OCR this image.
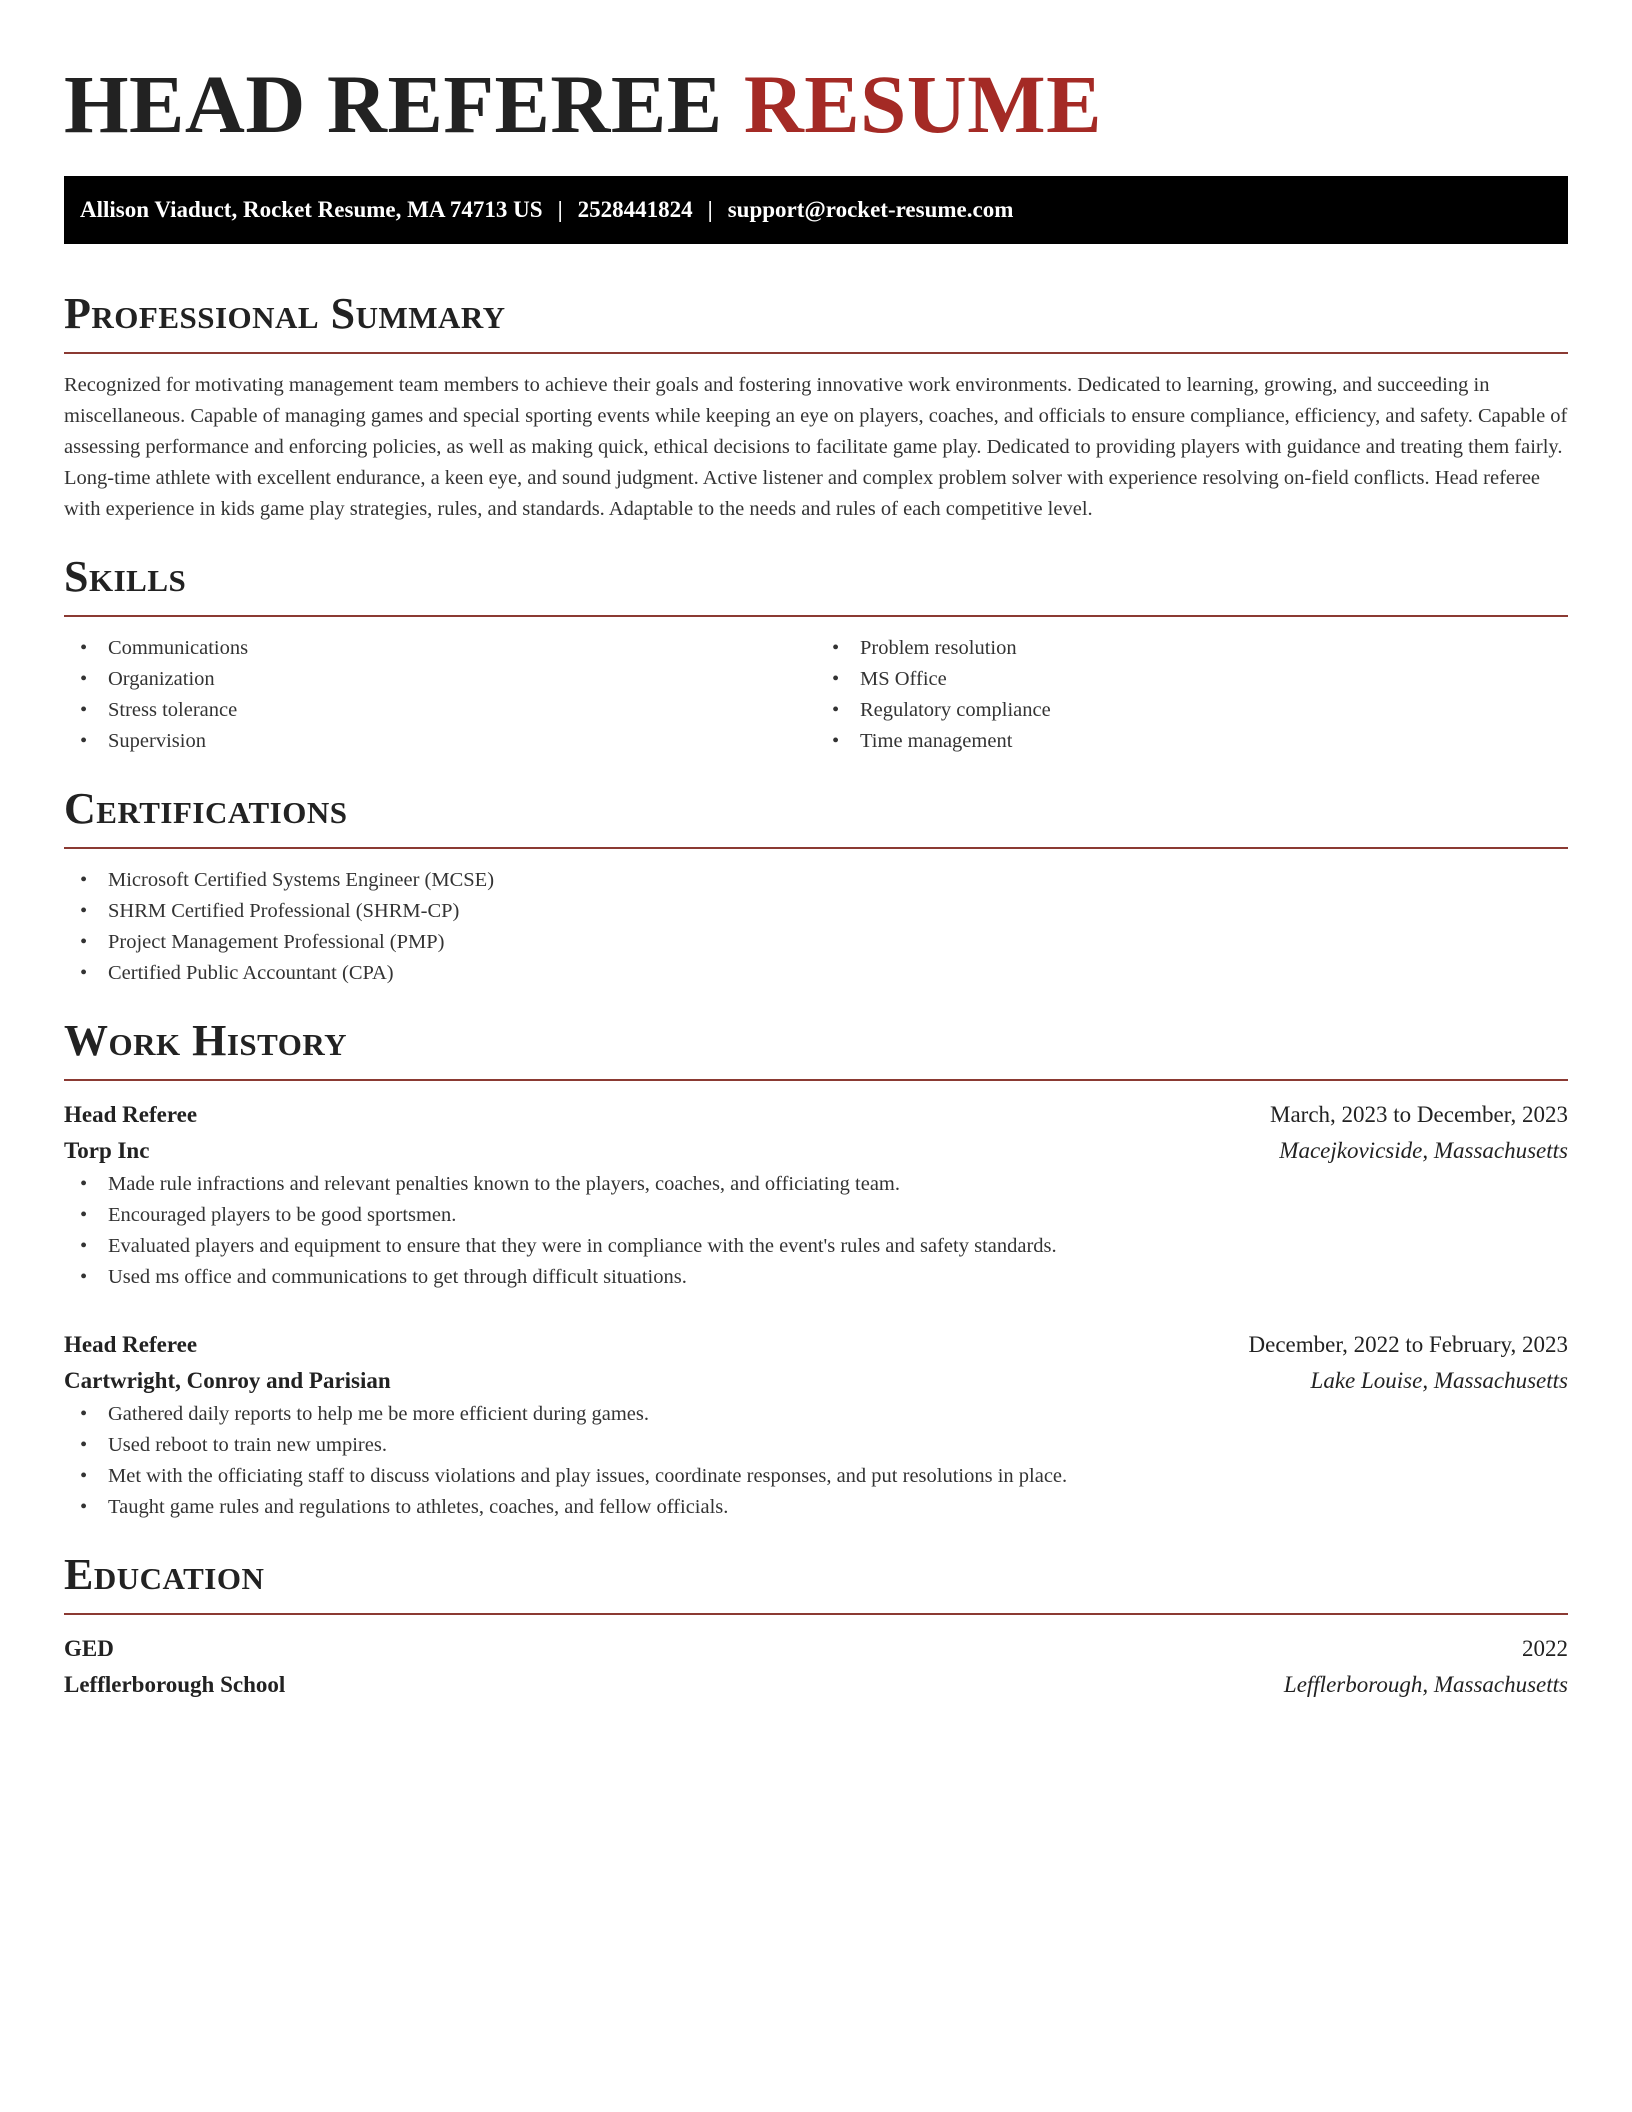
HEAD REFEREE RESUME
Allison Viaduct, Rocket Resume, MA 74713 US | 2528441824 | support@rocket-resume.com
Professional Summary

Recognized for motivating management team members to achieve their goals and fostering innovative work environments. Dedicated to learning, growing, and succeeding in miscellaneous. Capable of managing games and special sporting events while keeping an eye on players, coaches, and officials to ensure compliance, efficiency, and safety. Capable of assessing performance and enforcing policies, as well as making quick, ethical decisions to facilitate game play. Dedicated to providing players with guidance and treating them fairly. Long-time athlete with excellent endurance, a keen eye, and sound judgment. Active listener and complex problem solver with experience resolving on-field conflicts. Head referee with experience in kids game play strategies, rules, and standards. Adaptable to the needs and rules of each competitive level.

Skills
• Communications
• Organization
• Stress tolerance
• Supervision
• Problem resolution
• MS Office
• Regulatory compliance
• Time management
Certifications
• Microsoft Certified Systems Engineer (MCSE)
• SHRM Certified Professional (SHRM-CP)
• Project Management Professional (PMP)
• Certified Public Accountant (CPA)
Work History
Head Referee	March, 2023 to December, 2023
Torp Inc	Macejkovicside, Massachusetts
• Made rule infractions and relevant penalties known to the players, coaches, and officiating team.
• Encouraged players to be good sportsmen.
• Evaluated players and equipment to ensure that they were in compliance with the event's rules and safety standards.
• Used ms office and communications to get through difficult situations.
Head Referee	December, 2022 to February, 2023
Cartwright, Conroy and Parisian	Lake Louise, Massachusetts
• Gathered daily reports to help me be more efficient during games.
• Used reboot to train new umpires.
• Met with the officiating staff to discuss violations and play issues, coordinate responses, and put resolutions in place.
• Taught game rules and regulations to athletes, coaches, and fellow officials.
Education
GED	2022
Lefflerborough School	Lefflerborough, Massachusetts
